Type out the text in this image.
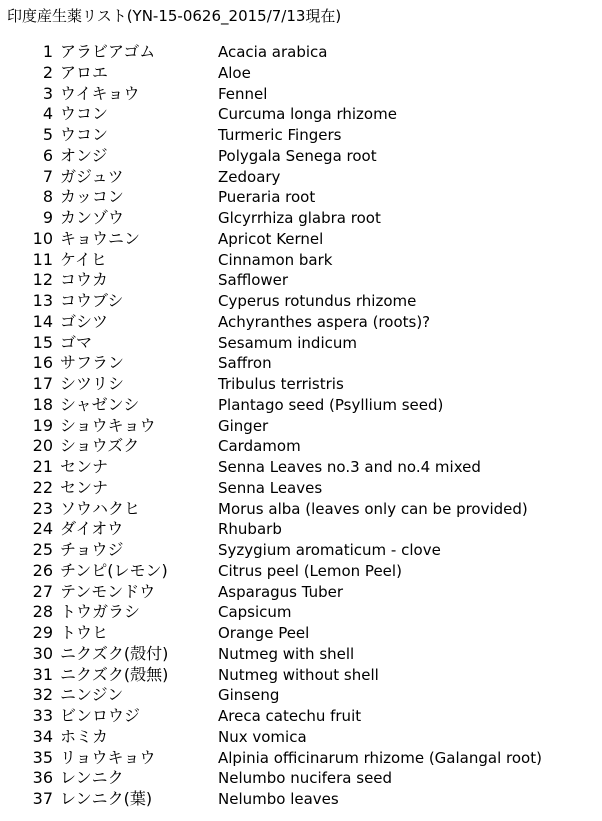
印度産生薬リスト(YN-15-0626_2015/7/13現在)
1 アラビアゴム	Acacia arabica
2 アロエ	Aloe
3 ウイキョウ	Fennel
4 ウコン	Curcuma longa rhizome
5 ウコン	Turmeric Fingers
6 オンジ	Polygala Senega root
7 ガジュツ	Zedoary
8 カッコン	Pueraria root
9 カンゾウ	Glcyrrhiza glabra root
10 キョウニン	Apricot Kernel
11 ケイヒ	Cinnamon bark
12 コウカ	Safflower
13 コウブシ	Cyperus rotundus rhizome
14 ゴシツ	Achyranthes aspera (roots)?
15 ゴマ	Sesamum indicum
16 サフラン	Saffron
17 シツリシ	Tribulus terristris
18 シャゼンシ	Plantago seed (Psyllium seed)
19 ショウキョウ	Ginger
20 ショウズク	Cardamom
21 センナ	Senna Leaves no.3 and no.4 mixed
22 センナ	Senna Leaves
23 ソウハクヒ	Morus alba (leaves only can be provided)
24 ダイオウ	Rhubarb
25 チョウジ	Syzygium aromaticum - clove
26 チンピ(レモン)	Citrus peel (Lemon Peel)
27 テンモンドウ	Asparagus Tuber
28 トウガラシ	Capsicum
29 トウヒ	Orange Peel
30 ニクズク(殻付)	Nutmeg with shell
31 ニクズク(殻無)	Nutmeg without shell
32 ニンジン	Ginseng
33 ビンロウジ	Areca catechu fruit
34 ホミカ	Nux vomica
35 リョウキョウ	Alpinia officinarum rhizome (Galangal root)
36 レンニク	Nelumbo nucifera seed
37 レンニク(葉)	Nelumbo leaves
